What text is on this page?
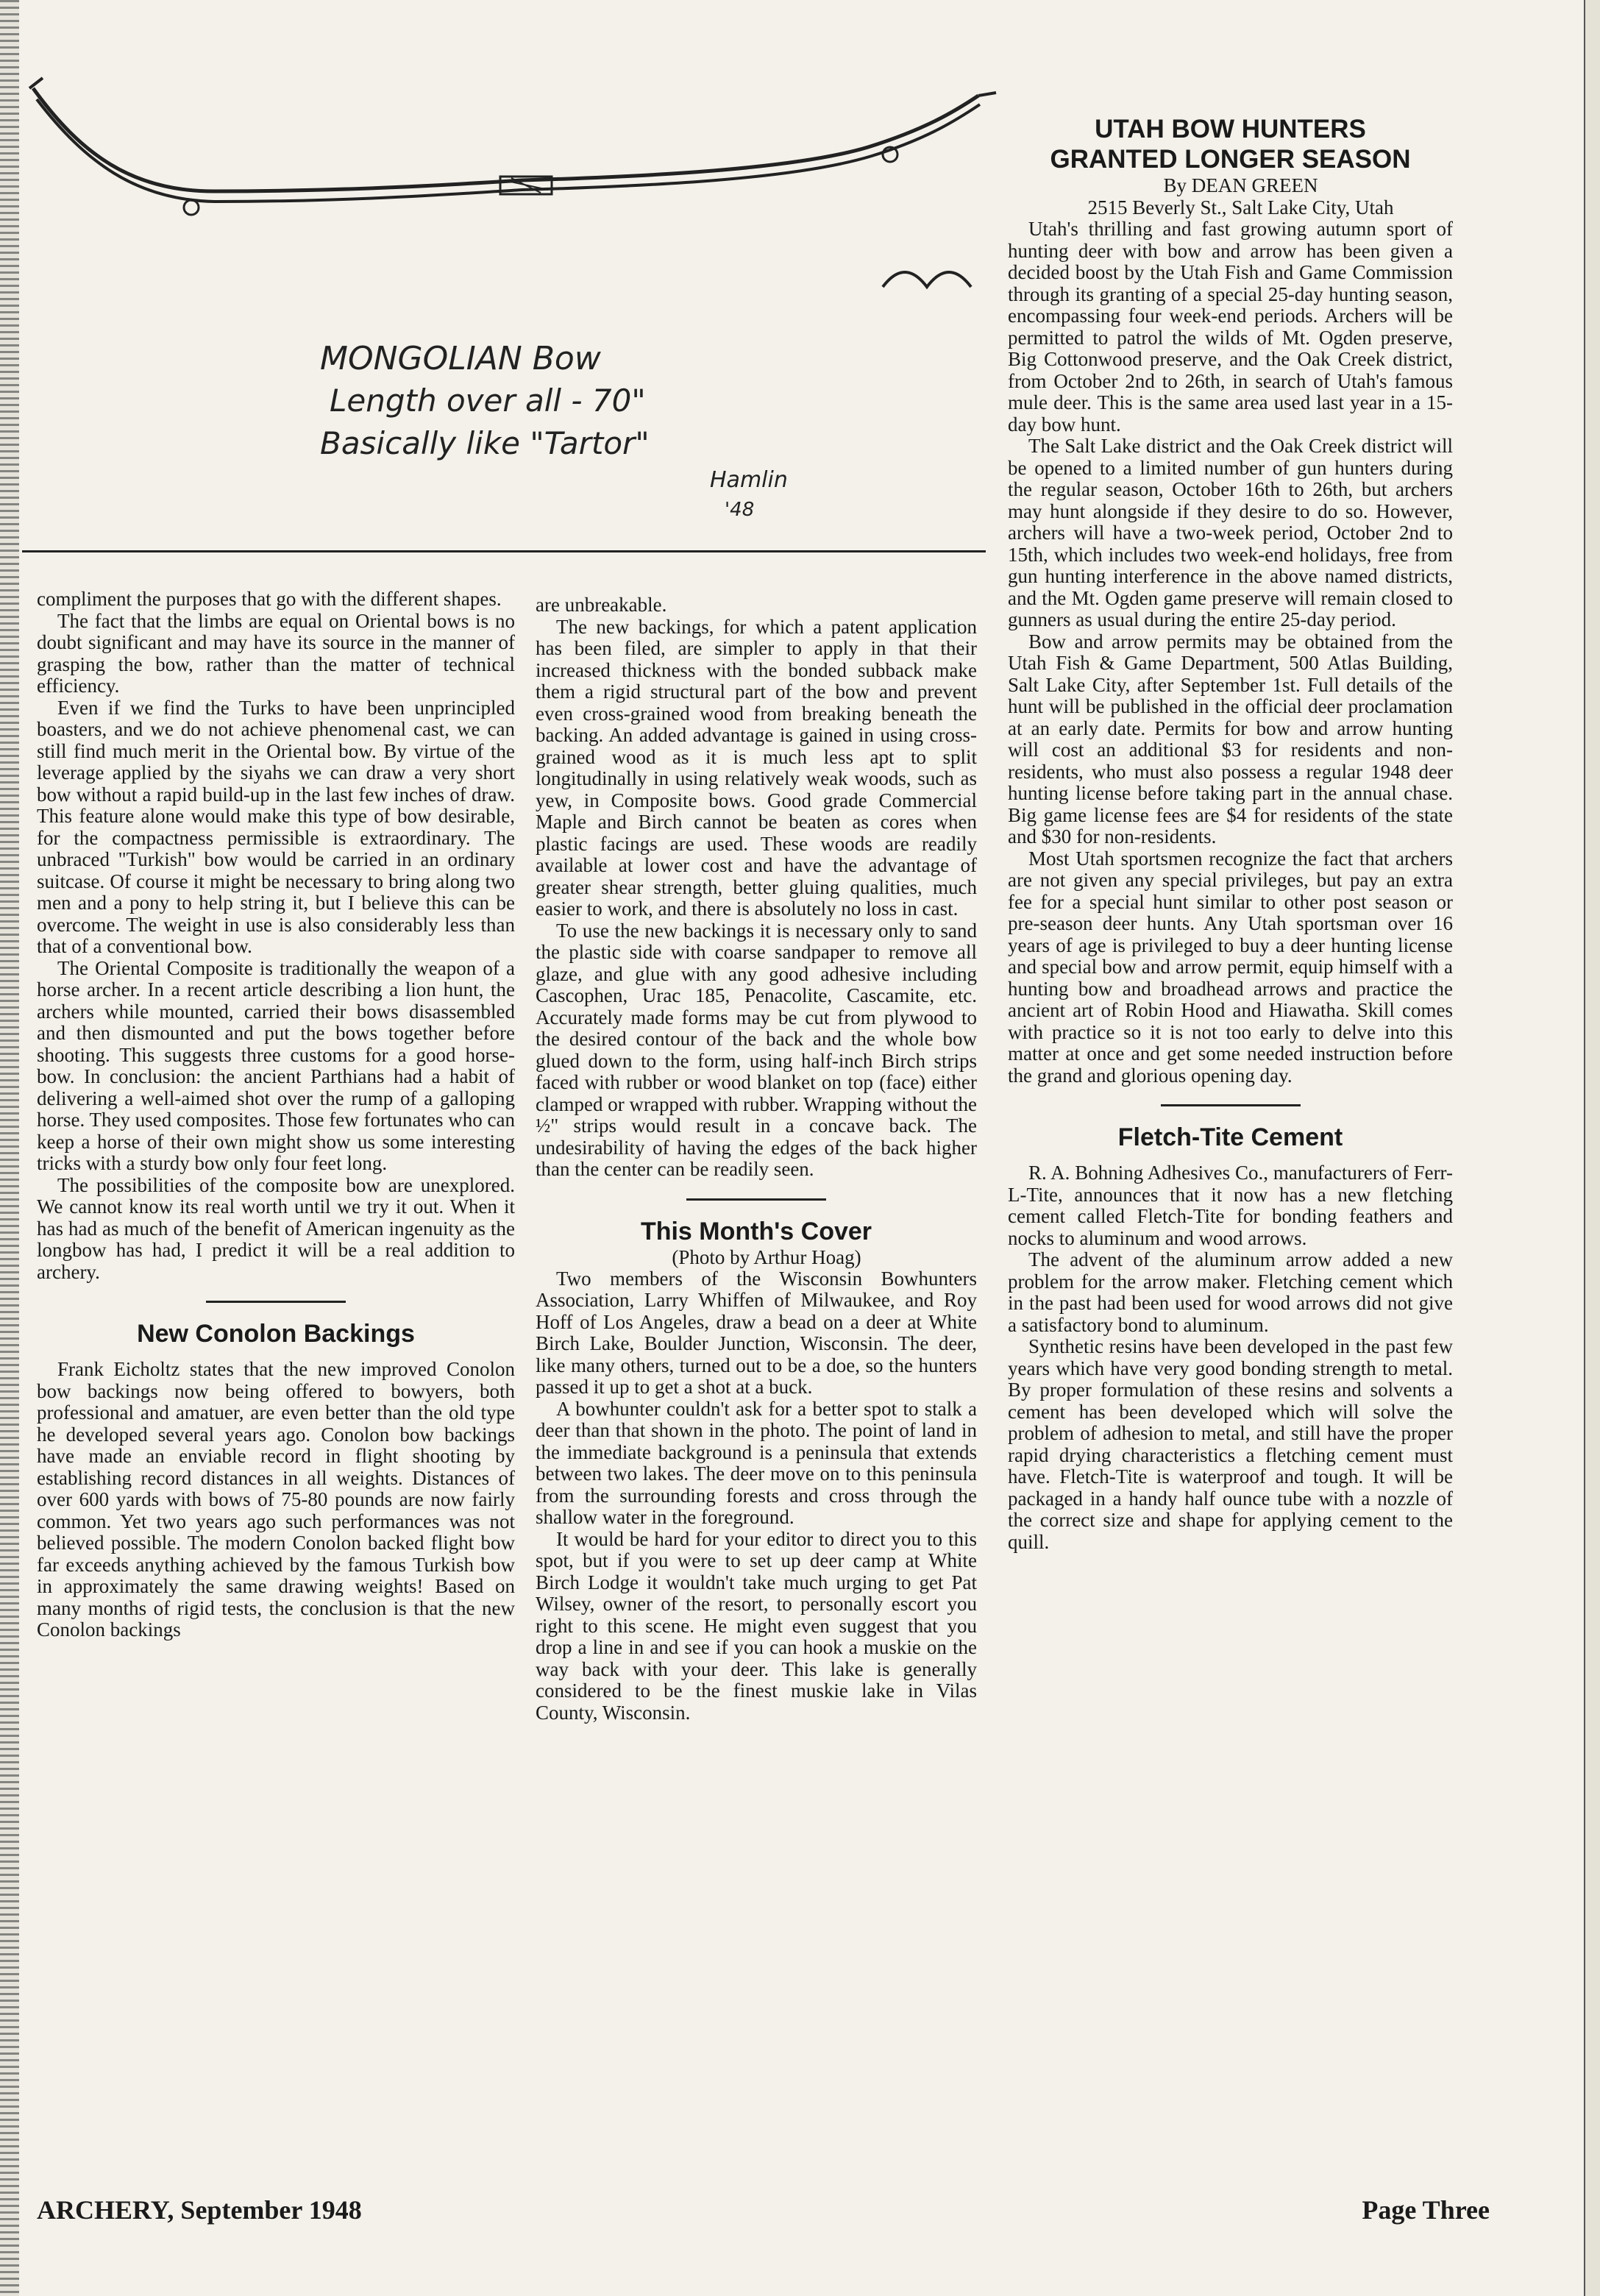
MONGOLIAN Bow
Length over all - 70"
Basically like "Tartor"
Hamlin
'48

compliment the purposes that go with the different shapes.

The fact that the limbs are equal on Oriental bows is no doubt significant and may have its source in the manner of grasping the bow, rather than the matter of technical efficiency.

Even if we find the Turks to have been unprincipled boasters, and we do not achieve phenomenal cast, we can still find much merit in the Oriental bow. By virtue of the leverage applied by the siyahs we can draw a very short bow without a rapid build-up in the last few inches of draw. This feature alone would make this type of bow desirable, for the compactness permissible is extraordinary. The unbraced "Turkish" bow would be carried in an ordinary suitcase. Of course it might be necessary to bring along two men and a pony to help string it, but I believe this can be overcome. The weight in use is also considerably less than that of a conventional bow.

The Oriental Composite is traditionally the weapon of a horse archer. In a recent article describing a lion hunt, the archers while mounted, carried their bows disassembled and then dismounted and put the bows together before shooting. This suggests three customs for a good horse-bow. In conclusion: the ancient Parthians had a habit of delivering a well-aimed shot over the rump of a galloping horse. They used composites. Those few fortunates who can keep a horse of their own might show us some interesting tricks with a sturdy bow only four feet long.

The possibilities of the composite bow are unexplored. We cannot know its real worth until we try it out. When it has had as much of the benefit of American ingenuity as the longbow has had, I predict it will be a real addition to archery.

New Conolon Backings

Frank Eicholtz states that the new improved Conolon bow backings now being offered to bowyers, both professional and amatuer, are even better than the old type he developed several years ago. Conolon bow backings have made an enviable record in flight shooting by establishing record distances in all weights. Distances of over 600 yards with bows of 75-80 pounds are now fairly common. Yet two years ago such performances was not believed possible. The modern Conolon backed flight bow far exceeds anything achieved by the famous Turkish bow in approximately the same drawing weights! Based on many months of rigid tests, the conclusion is that the new Conolon backings

are unbreakable.

The new backings, for which a patent application has been filed, are simpler to apply in that their increased thickness with the bonded subback make them a rigid structural part of the bow and prevent even cross-grained wood from breaking beneath the backing. An added advantage is gained in using cross-grained wood as it is much less apt to split longitudinally in using relatively weak woods, such as yew, in Composite bows. Good grade Commercial Maple and Birch cannot be beaten as cores when plastic facings are used. These woods are readily available at lower cost and have the advantage of greater shear strength, better gluing qualities, much easier to work, and there is absolutely no loss in cast.

To use the new backings it is necessary only to sand the plastic side with coarse sandpaper to remove all glaze, and glue with any good adhesive including Cascophen, Urac 185, Penacolite, Cascamite, etc. Accurately made forms may be cut from plywood to the desired contour of the back and the whole bow glued down to the form, using half-inch Birch strips faced with rubber or wood blanket on top (face) either clamped or wrapped with rubber. Wrapping without the ½" strips would result in a concave back. The undesirability of having the edges of the back higher than the center can be readily seen.

This Month's Cover

(Photo by Arthur Hoag)

Two members of the Wisconsin Bowhunters Association, Larry Whiffen of Milwaukee, and Roy Hoff of Los Angeles, draw a bead on a deer at White Birch Lake, Boulder Junction, Wisconsin. The deer, like many others, turned out to be a doe, so the hunters passed it up to get a shot at a buck.

A bowhunter couldn't ask for a better spot to stalk a deer than that shown in the photo. The point of land in the immediate background is a peninsula that extends between two lakes. The deer move on to this peninsula from the surrounding forests and cross through the shallow water in the foreground.

It would be hard for your editor to direct you to this spot, but if you were to set up deer camp at White Birch Lodge it wouldn't take much urging to get Pat Wilsey, owner of the resort, to personally escort you right to this scene. He might even suggest that you drop a line in and see if you can hook a muskie on the way back with your deer. This lake is generally considered to be the finest muskie lake in Vilas County, Wisconsin.

UTAH BOW HUNTERS
GRANTED LONGER SEASON

By DEAN GREEN

2515 Beverly St., Salt Lake City, Utah

Utah's thrilling and fast growing autumn sport of hunting deer with bow and arrow has been given a decided boost by the Utah Fish and Game Commission through its granting of a special 25-day hunting season, encompassing four week-end periods. Archers will be permitted to patrol the wilds of Mt. Ogden preserve, Big Cottonwood preserve, and the Oak Creek district, from October 2nd to 26th, in search of Utah's famous mule deer. This is the same area used last year in a 15-day bow hunt.

The Salt Lake district and the Oak Creek district will be opened to a limited number of gun hunters during the regular season, October 16th to 26th, but archers may hunt alongside if they desire to do so. However, archers will have a two-week period, October 2nd to 15th, which includes two week-end holidays, free from gun hunting interference in the above named districts, and the Mt. Ogden game preserve will remain closed to gunners as usual during the entire 25-day period.

Bow and arrow permits may be obtained from the Utah Fish & Game Department, 500 Atlas Building, Salt Lake City, after September 1st. Full details of the hunt will be published in the official deer proclamation at an early date. Permits for bow and arrow hunting will cost an additional $3 for residents and non-residents, who must also possess a regular 1948 deer hunting license before taking part in the annual chase. Big game license fees are $4 for residents of the state and $30 for non-residents.

Most Utah sportsmen recognize the fact that archers are not given any special privileges, but pay an extra fee for a special hunt similar to other post season or pre-season deer hunts. Any Utah sportsman over 16 years of age is privileged to buy a deer hunting license and special bow and arrow permit, equip himself with a hunting bow and broadhead arrows and practice the ancient art of Robin Hood and Hiawatha. Skill comes with practice so it is not too early to delve into this matter at once and get some needed instruction before the grand and glorious opening day.

Fletch-Tite Cement

R. A. Bohning Adhesives Co., manufacturers of Ferr-L-Tite, announces that it now has a new fletching cement called Fletch-Tite for bonding feathers and nocks to aluminum and wood arrows.

The advent of the aluminum arrow added a new problem for the arrow maker. Fletching cement which in the past had been used for wood arrows did not give a satisfactory bond to aluminum.

Synthetic resins have been developed in the past few years which have very good bonding strength to metal. By proper formulation of these resins and solvents a cement has been developed which will solve the problem of adhesion to metal, and still have the proper rapid drying characteristics a fletching cement must have. Fletch-Tite is waterproof and tough. It will be packaged in a handy half ounce tube with a nozzle of the correct size and shape for applying cement to the quill.

ARCHERY, September 1948	Page Three
